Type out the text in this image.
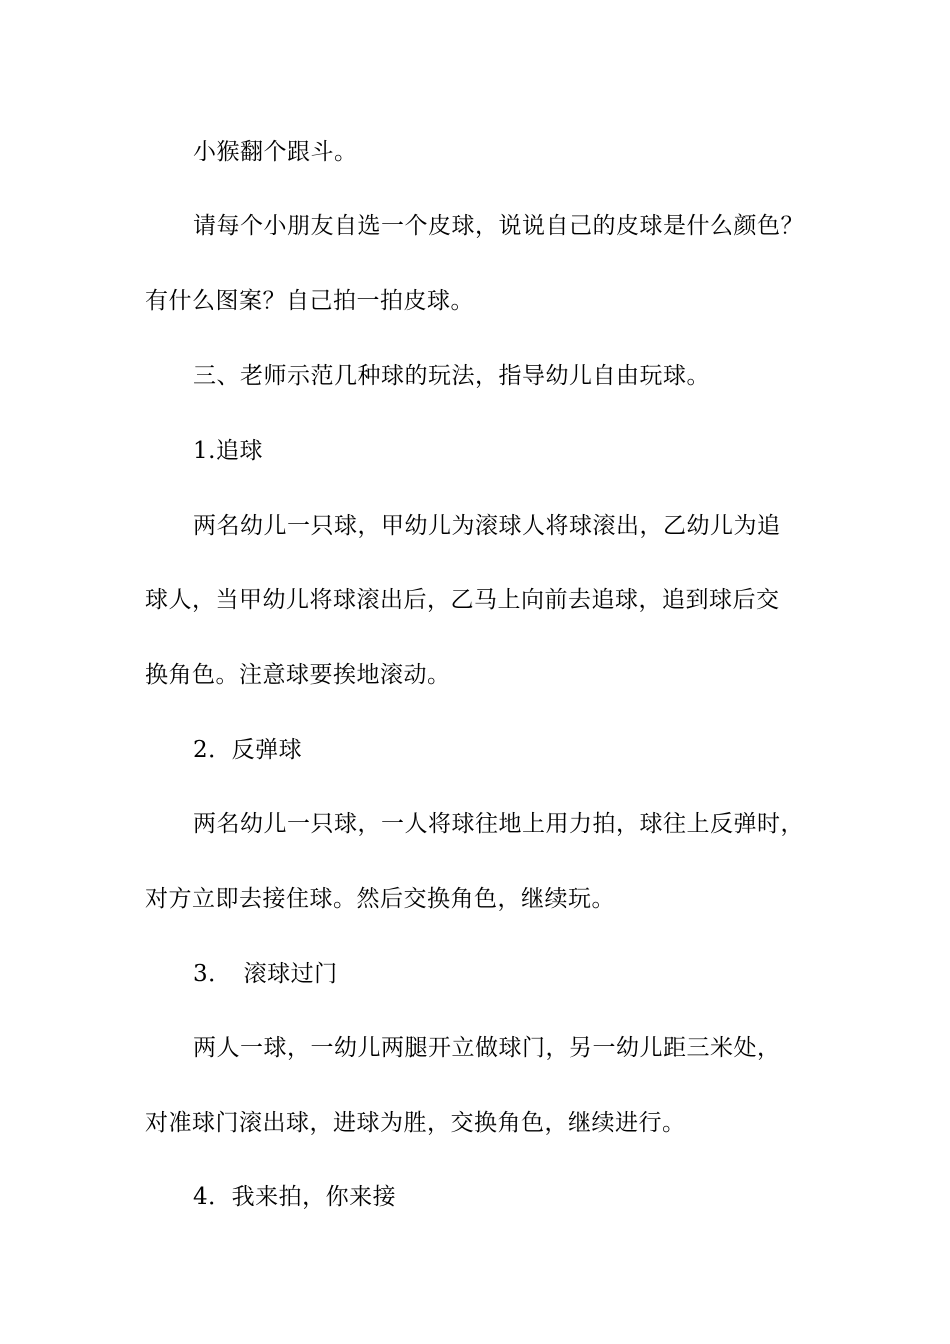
小猴翻个跟斗。
请每个小朋友自选一个皮球，说说自己的皮球是什么颜色？
有什么图案？自己拍一拍皮球。
三、老师示范几种球的玩法，指导幼儿自由玩球。
1.追球
两名幼儿一只球，甲幼儿为滚球人将球滚出，乙幼儿为追
球人，当甲幼儿将球滚出后，乙马上向前去追球，追到球后交
换角色。注意球要挨地滚动。
2．反弹球
两名幼儿一只球，一人将球往地上用力拍，球往上反弹时，
对方立即去接住球。然后交换角色，继续玩。
3．　滚球过门
两人一球，一幼儿两腿开立做球门，另一幼儿距三米处，
对准球门滚出球，进球为胜，交换角色，继续进行。
4．我来拍，你来接
